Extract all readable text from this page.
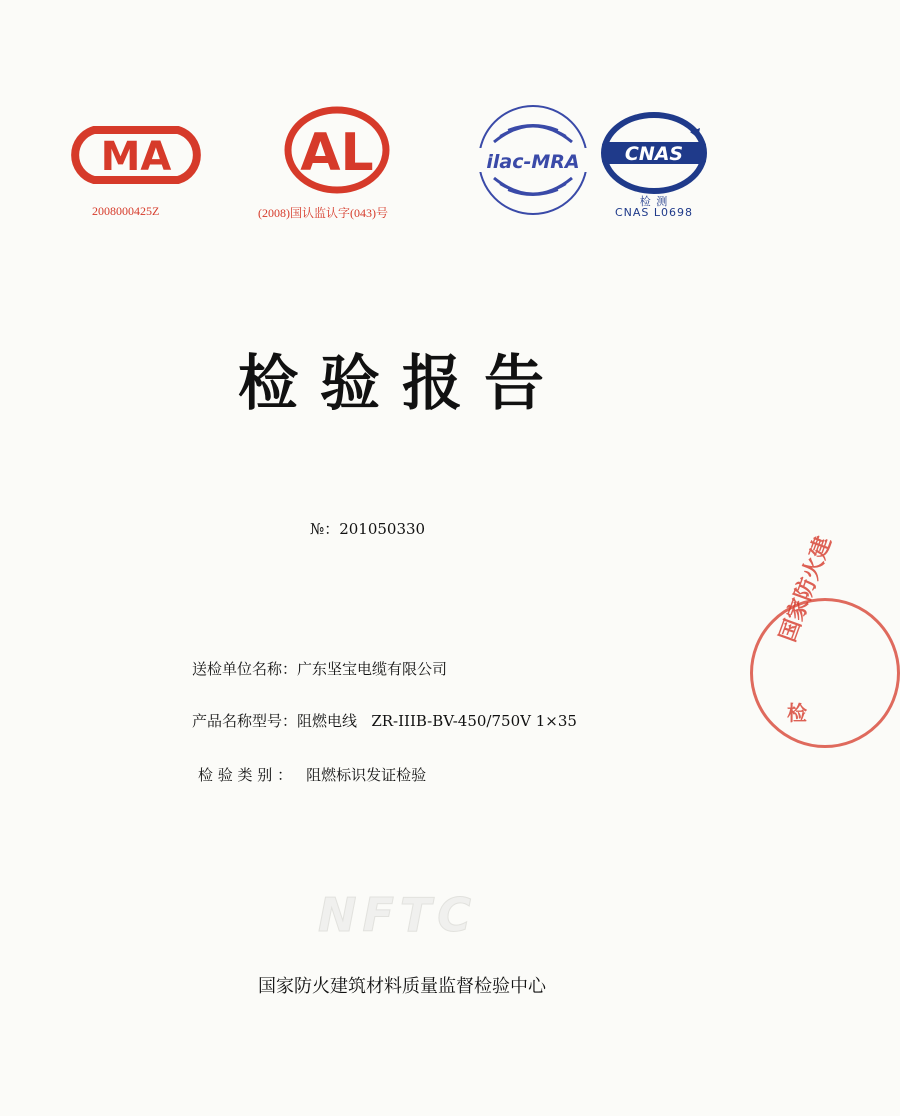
MA
2008000425Z
AL
(2008)国认监认字(043)号
ilac-MRA CNAS
检 测
CNAS L0698
检验报告
№：201050330
送检单位名称：广东坚宝电缆有限公司
产品名称型号：阻燃电线   ZR-IIIB-BV-450/750V 1×35
检 验 类 别 ： 阻燃标识发证检验
NFTC
国家防火建筑材料质量监督检验中心
国家防火建
检
